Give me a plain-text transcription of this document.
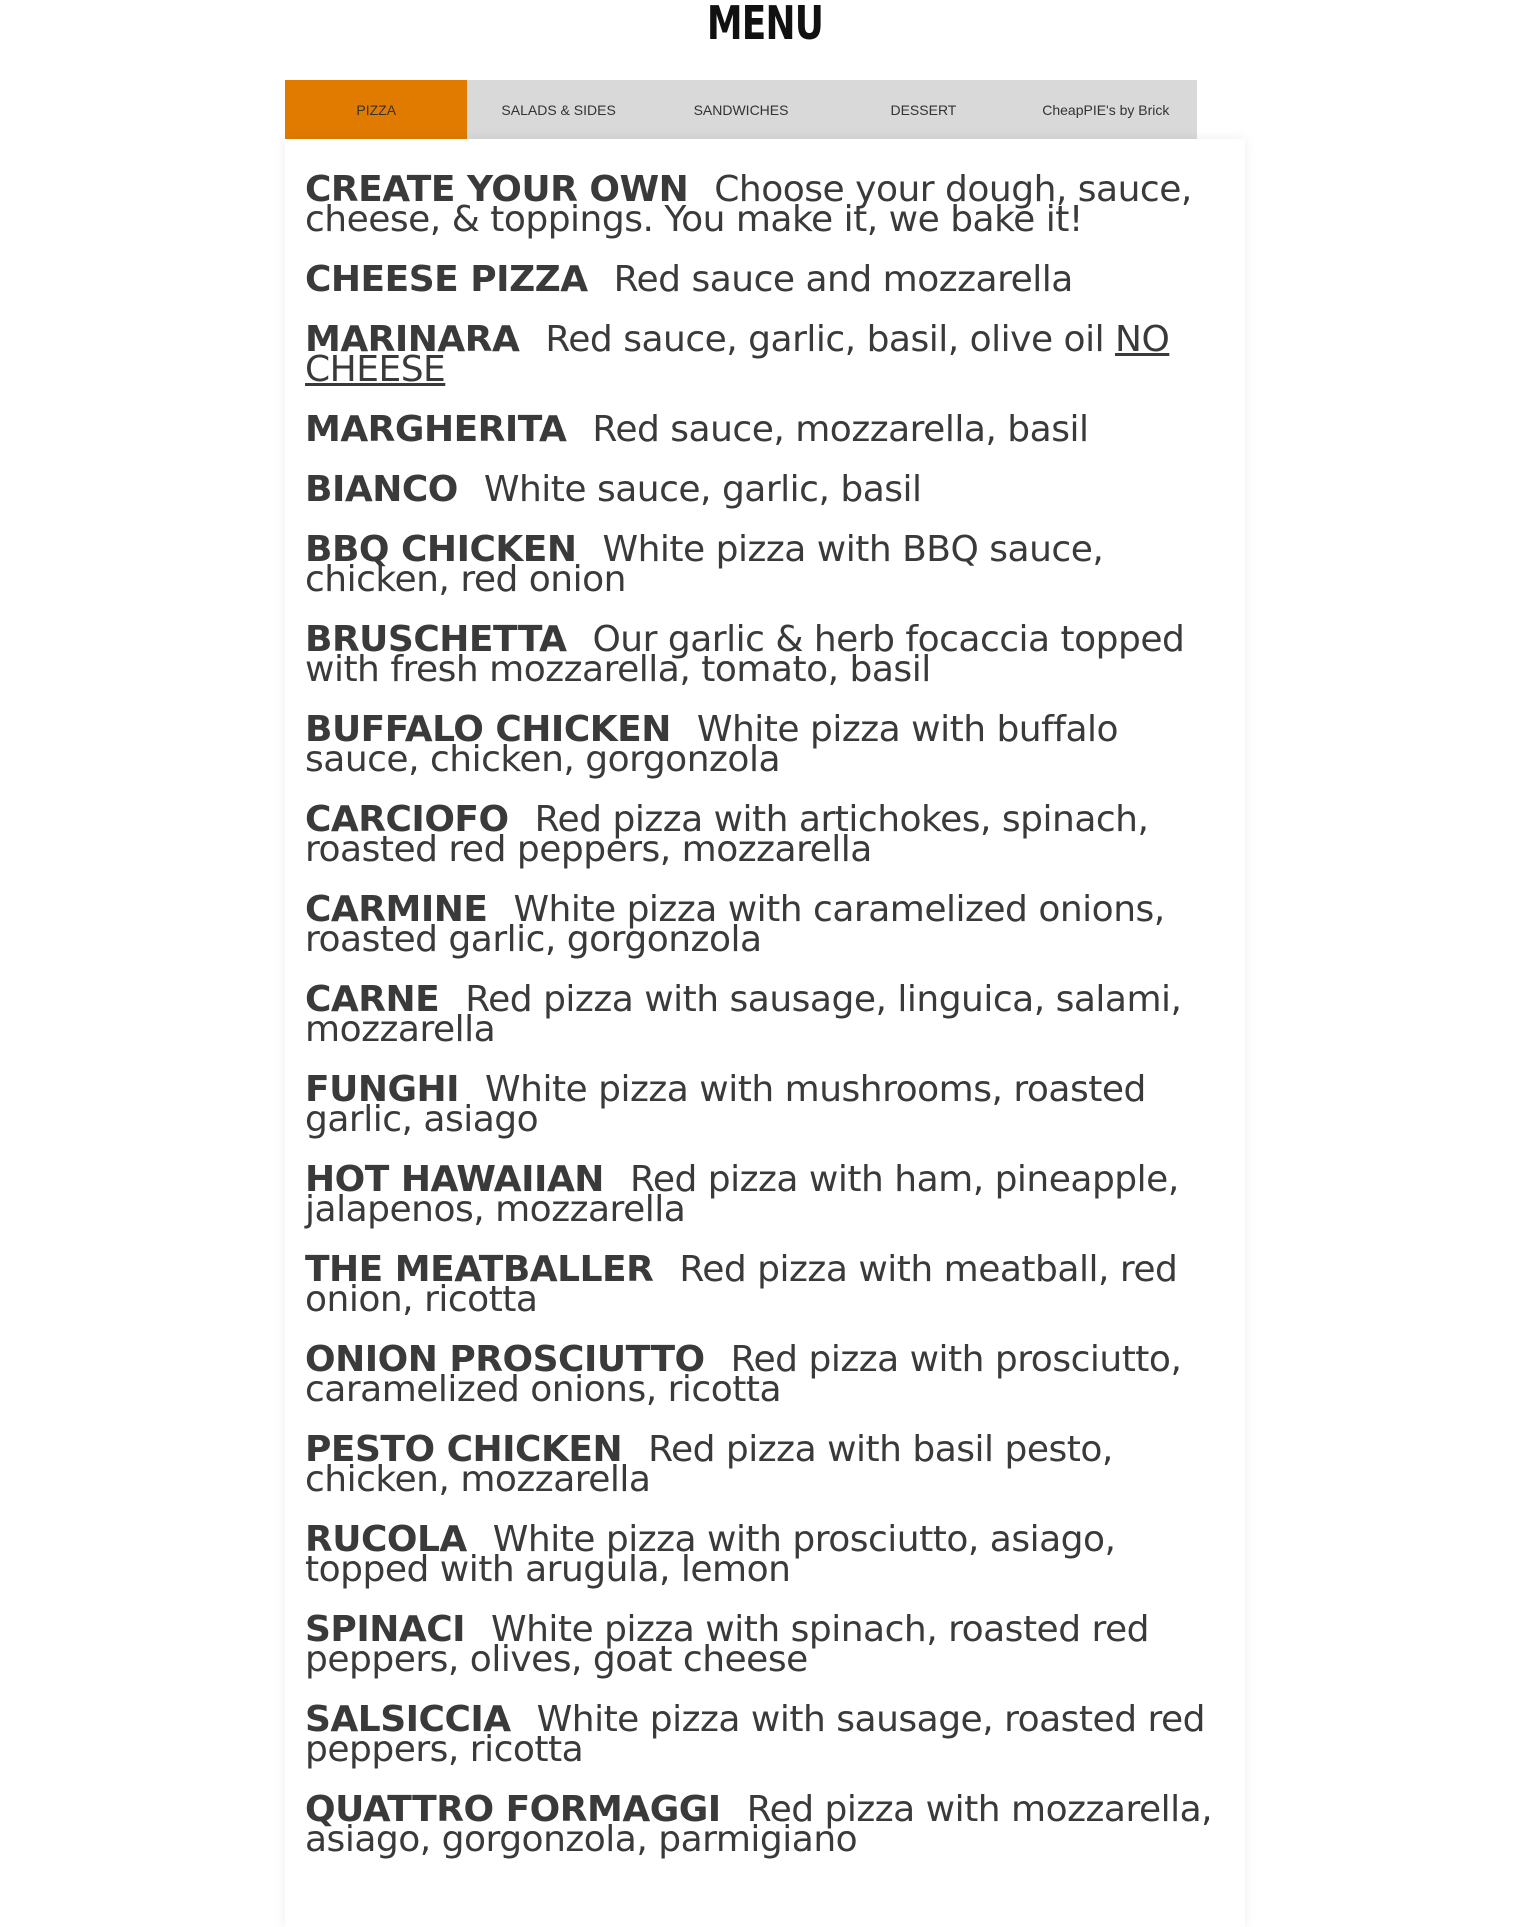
MENU
PIZZA	SALADS & SIDES	SANDWICHES	DESSERT	CheapPIE's by Brick
CREATE YOUR OWN Choose your dough, sauce, cheese, & toppings. You make it, we bake it!
CHEESE PIZZA Red sauce and mozzarella
MARINARA Red sauce, garlic, basil, olive oil NO CHEESE
MARGHERITA Red sauce, mozzarella, basil
BIANCO White sauce, garlic, basil
BBQ CHICKEN White pizza with BBQ sauce, chicken, red onion
BRUSCHETTA Our garlic & herb focaccia topped with fresh mozzarella, tomato, basil
BUFFALO CHICKEN White pizza with buffalo sauce, chicken, gorgonzola
CARCIOFO Red pizza with artichokes, spinach, roasted red peppers, mozzarella
CARMINE White pizza with caramelized onions, roasted garlic, gorgonzola
CARNE Red pizza with sausage, linguica, salami, mozzarella
FUNGHI White pizza with mushrooms, roasted garlic, asiago
HOT HAWAIIAN Red pizza with ham, pineapple, jalapenos, mozzarella
THE MEATBALLER Red pizza with meatball, red onion, ricotta
ONION PROSCIUTTO Red pizza with prosciutto, caramelized onions, ricotta
PESTO CHICKEN Red pizza with basil pesto, chicken, mozzarella
RUCOLA White pizza with prosciutto, asiago, topped with arugula, lemon
SPINACI White pizza with spinach, roasted red peppers, olives, goat cheese
SALSICCIA White pizza with sausage, roasted red peppers, ricotta
QUATTRO FORMAGGI Red pizza with mozzarella, asiago, gorgonzola, parmigiano
